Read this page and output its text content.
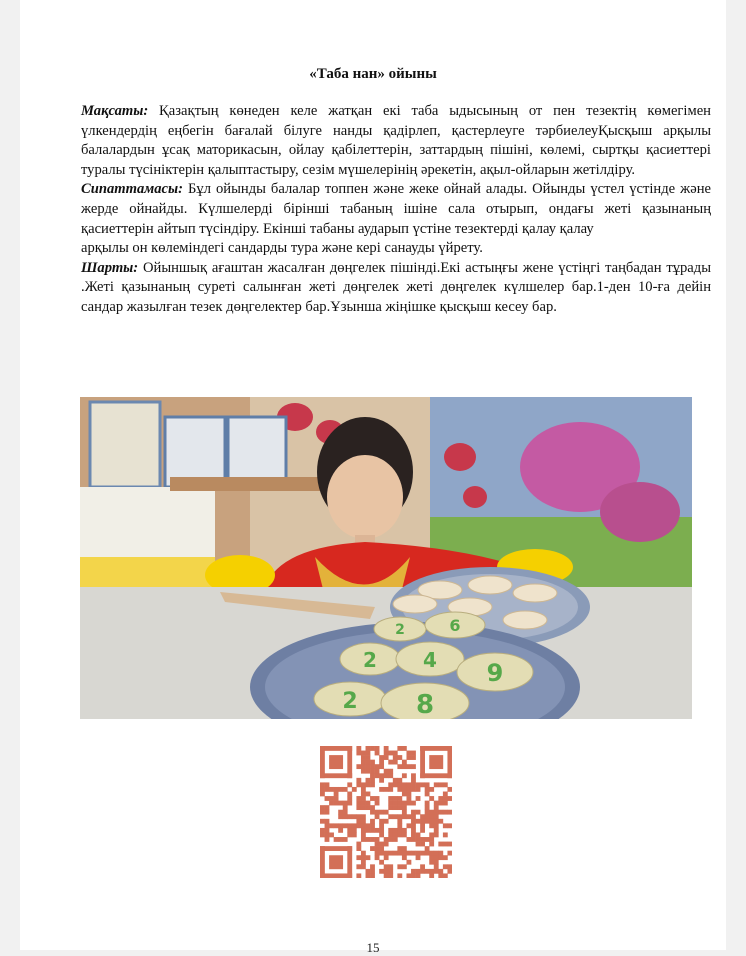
«Таба нан» ойыны

Мақсаты: Қазақтың көнеден келе жатқан екі таба ыдысының от пен тезектің көмегімен үлкендердің еңбегін бағалай білуге нанды қадірлеп, қастерлеуге тәрбиелеуҚысқыш арқылы балалардын ұсақ маторикасын, ойлау қабілеттерін, заттардың пішіні, көлемі, сыртқы қасиеттері туралы түсініктерін қалыптастыру, сезім мүшелерінің әрекетін, ақыл-ойларын жетілдіру.

Сипаттамасы: Бұл ойынды балалар топпен және жеке ойнай алады. Ойынды үстел үстінде және жерде ойнайды. Күлшелерді бірінші табаның ішіне сала отырып, ондағы жеті қазынаның қасиеттерін айтып түсіндіру. Екінші табаны аударып үстіне тезектерді қалау қалау

арқылы он көлеміндегі сандарды тура және кері санауды үйрету.

Шарты: Ойыншық ағаштан жасалған дөңгелек пішінді.Екі астыңғы жене үстіңгі таңбадан тұрады .Жеті қазынаның суреті салынған жеті дөңгелек жеті дөңгелек күлшелер бар.1-ден 10-ға дейін сандар жазылған тезек дөңгелектер бар.Ұзынша жіңішке қысқыш кесеу бар.

2	6
2 4 9
2 8
15
